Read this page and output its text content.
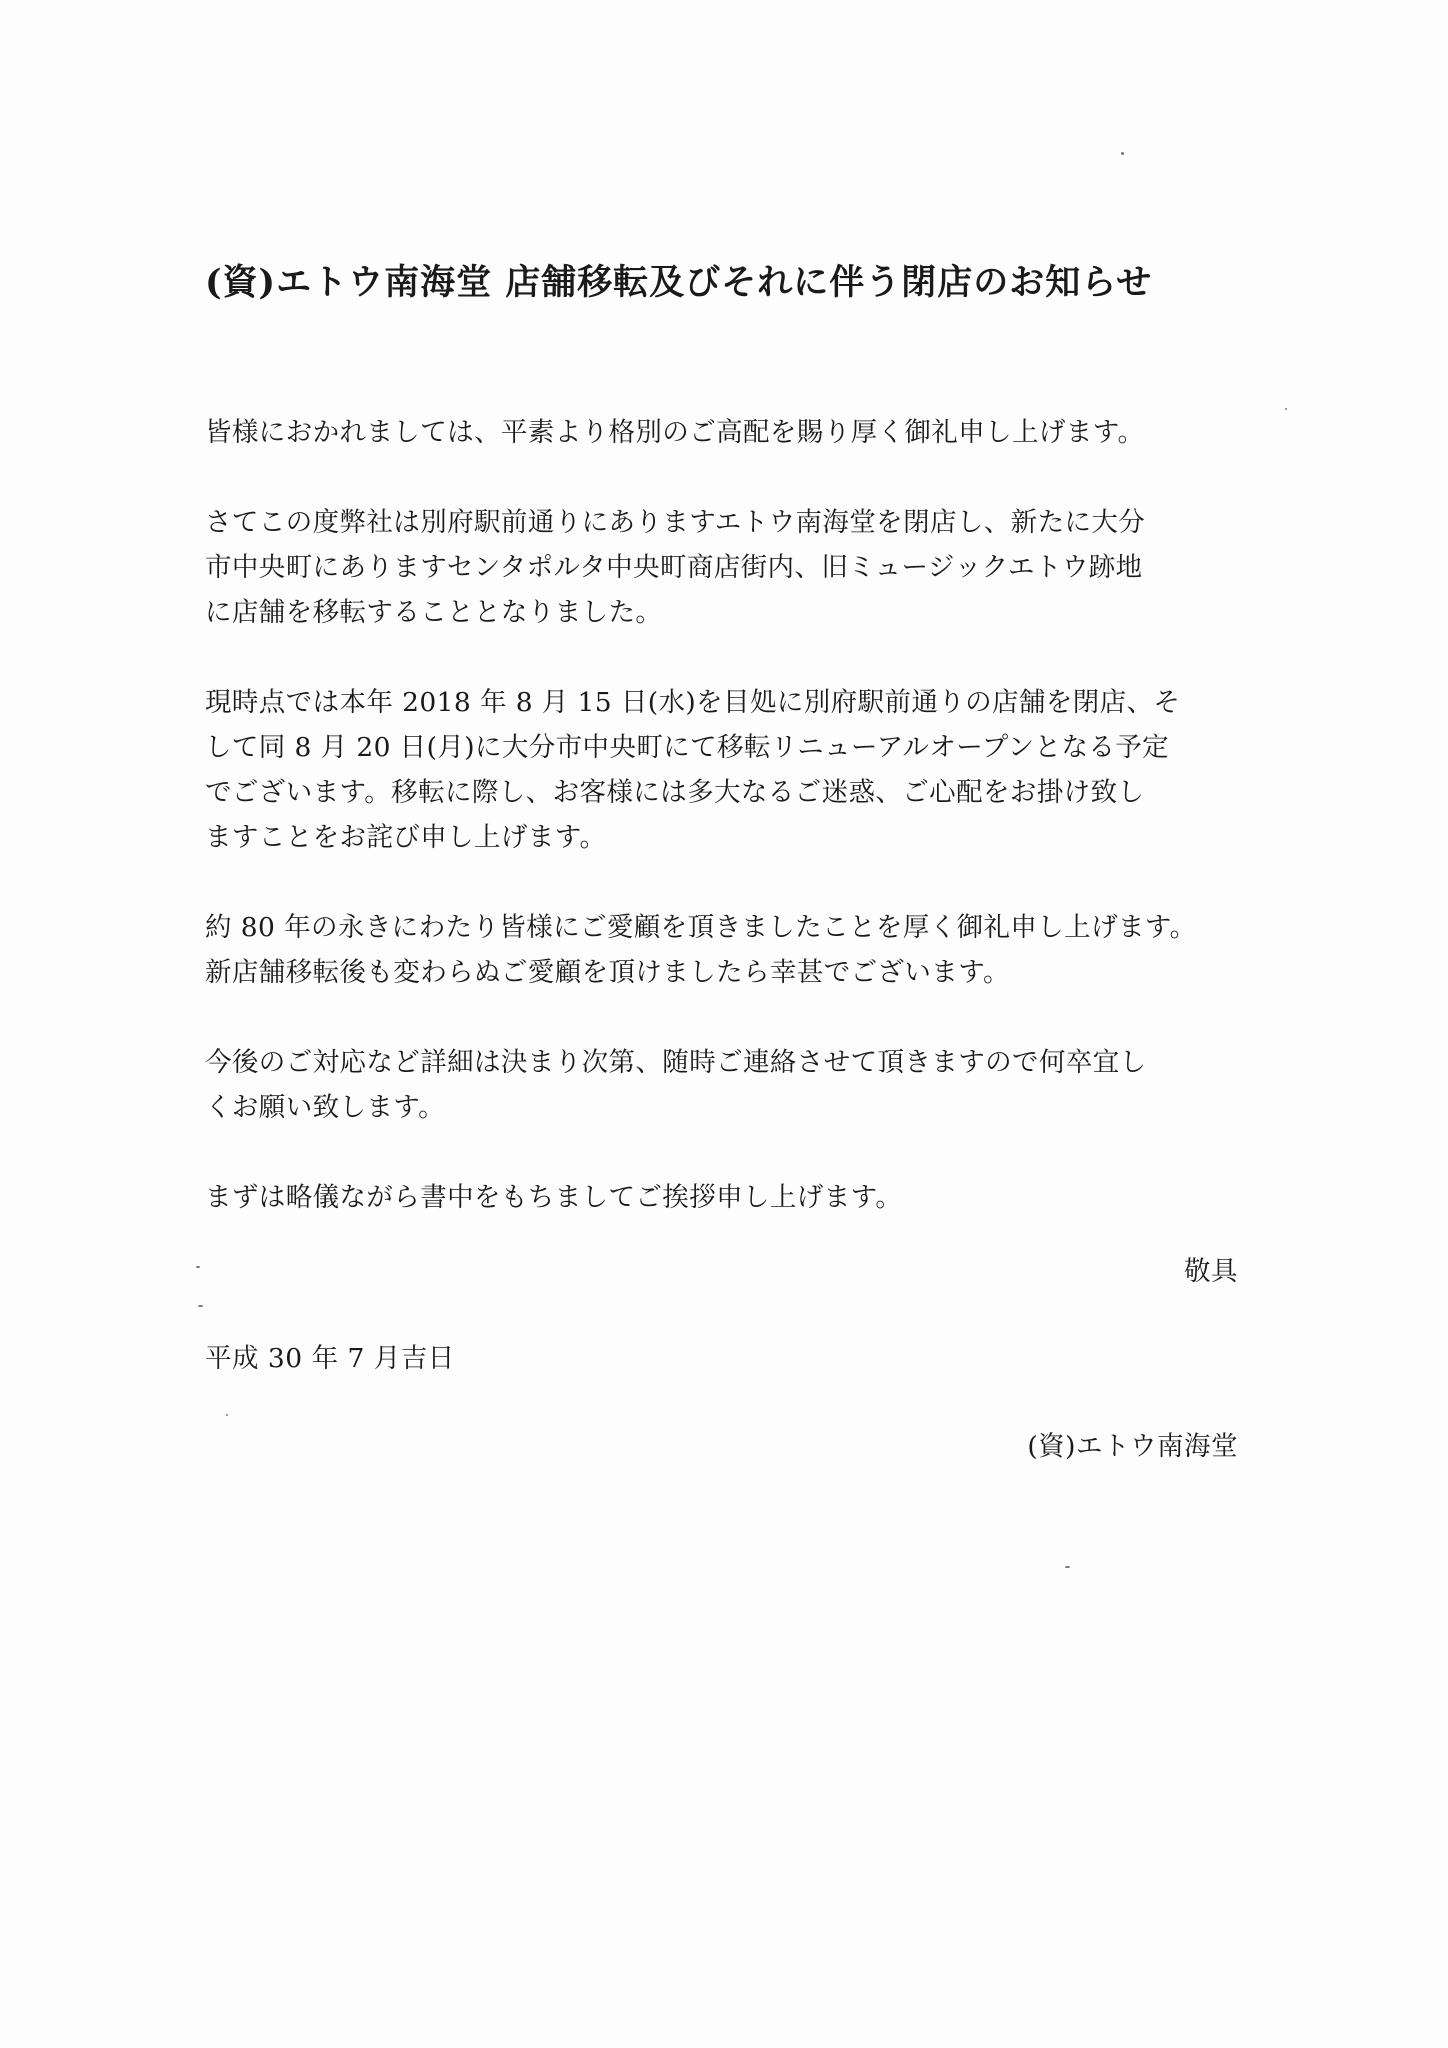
(資)エトウ南海堂 店舗移転及びそれに伴う閉店のお知らせ
皆様におかれましては、平素より格別のご高配を賜り厚く御礼申し上げます。
さてこの度弊社は別府駅前通りにありますエトウ南海堂を閉店し、新たに大分
市中央町にありますセンタポルタ中央町商店街内、旧ミュージックエトウ跡地
に店舗を移転することとなりました。
現時点では本年 2018 年 8 月 15 日(水)を目処に別府駅前通りの店舗を閉店、そ
して同 8 月 20 日(月)に大分市中央町にて移転リニューアルオープンとなる予定
でございます。移転に際し、お客様には多大なるご迷惑、ご心配をお掛け致し
ますことをお詫び申し上げます。
約 80 年の永きにわたり皆様にご愛顧を頂きましたことを厚く御礼申し上げます。
新店舗移転後も変わらぬご愛顧を頂けましたら幸甚でございます。
今後のご対応など詳細は決まり次第、随時ご連絡させて頂きますので何卒宜し
くお願い致します。
まずは略儀ながら書中をもちましてご挨拶申し上げます。
敬具
平成 30 年 7 月吉日
(資)エトウ南海堂
